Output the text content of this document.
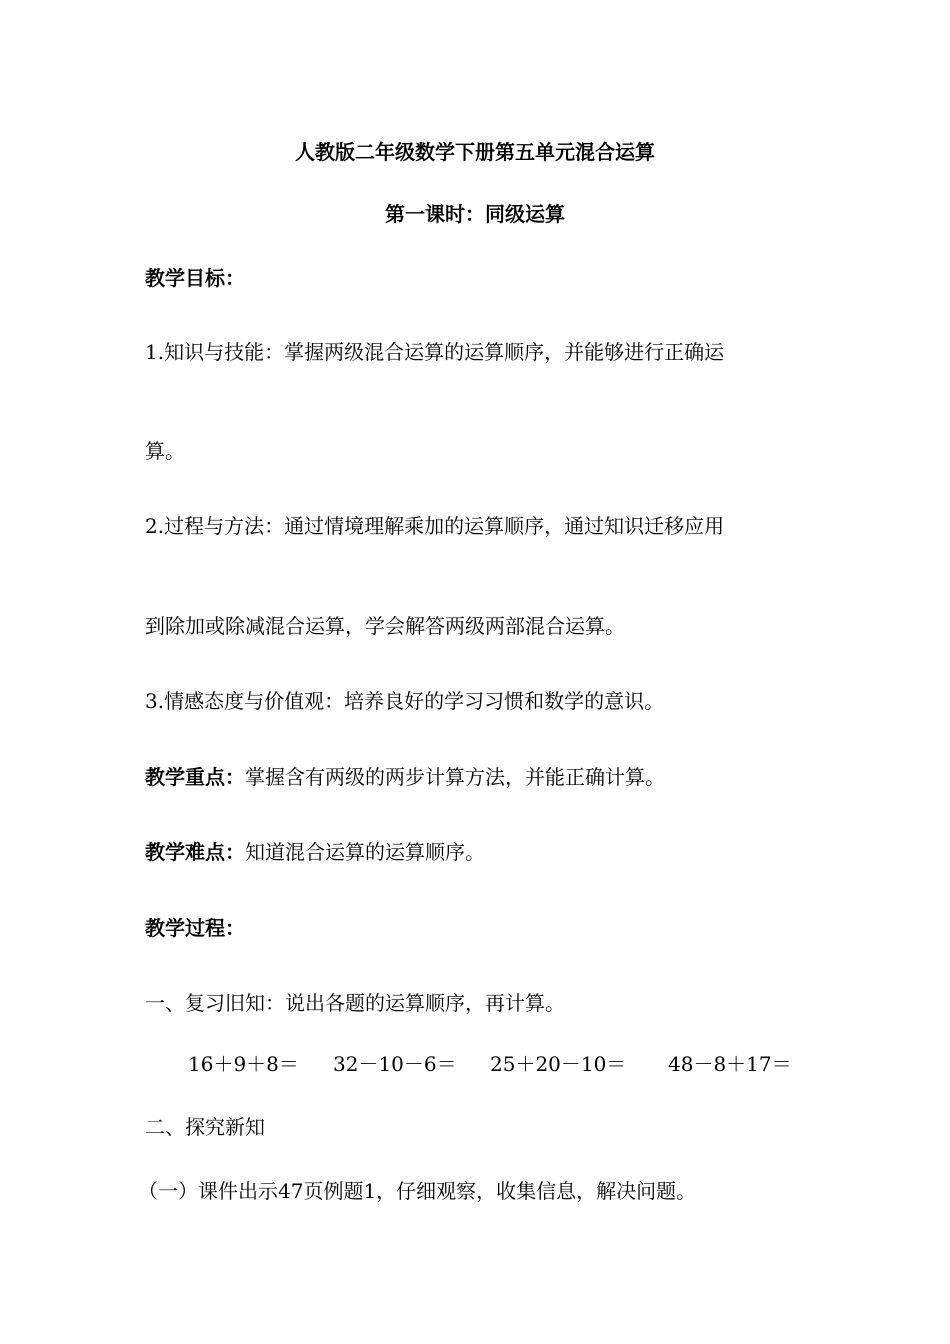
人教版二年级数学下册第五单元混合运算
第一课时：同级运算
教学目标：
1.知识与技能：掌握两级混合运算的运算顺序，并能够进行正确运
算。
2.过程与方法：通过情境理解乘加的运算顺序，通过知识迁移应用
到除加或除减混合运算，学会解答两级两部混合运算。
3.情感态度与价值观：培养良好的学习习惯和数学的意识。
教学重点：掌握含有两级的两步计算方法，并能正确计算。
教学难点：知道混合运算的运算顺序。
教学过程：
一、复习旧知：说出各题的运算顺序，再计算。
16＋9＋8＝ 32－10－6＝ 25＋20－10＝ 48－8＋17＝
二、探究新知
（一）课件出示47页例题1，仔细观察，收集信息，解决问题。
